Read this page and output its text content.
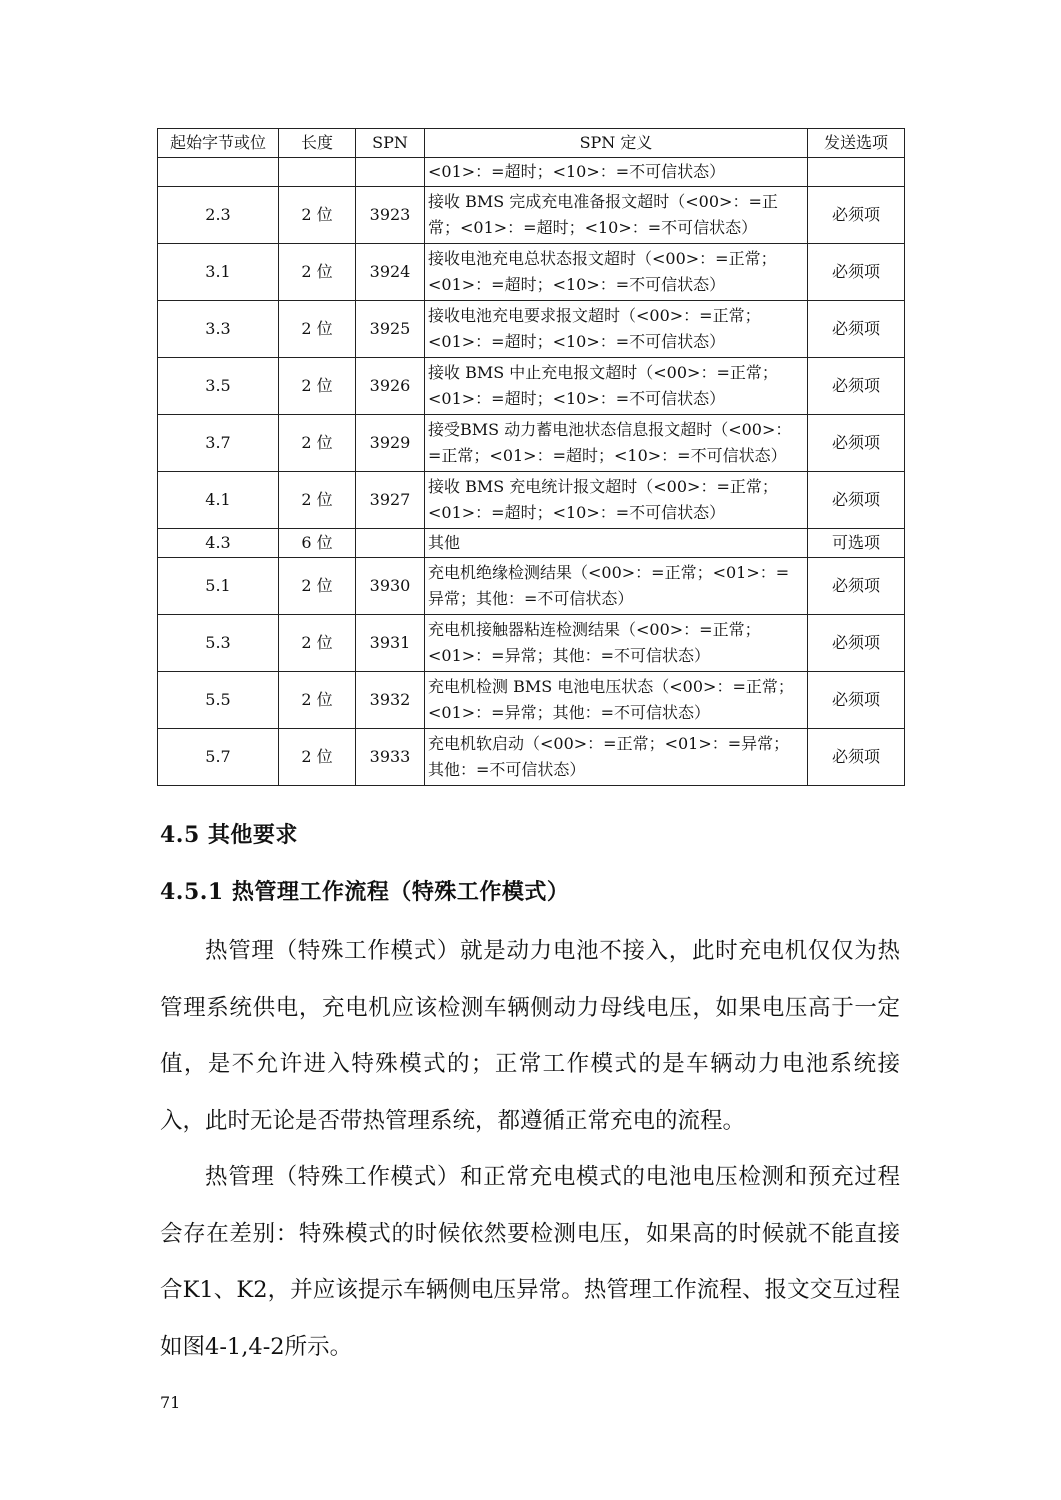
起始字节或位	长度	SPN	SPN 定义	发送选项
			<01>：=超时；<10>：=不可信状态）	
2.3	2 位	3923	接收 BMS 完成充电准备报文超时（<00>：=正常；<01>：=超时；<10>：=不可信状态）	必须项
3.1	2 位	3924	接收电池充电总状态报文超时（<00>：=正常；<01>：=超时；<10>：=不可信状态）	必须项
3.3	2 位	3925	接收电池充电要求报文超时（<00>：=正常；<01>：=超时；<10>：=不可信状态）	必须项
3.5	2 位	3926	接收 BMS 中止充电报文超时（<00>：=正常；<01>：=超时；<10>：=不可信状态）	必须项
3.7	2 位	3929	接受BMS 动力蓄电池状态信息报文超时（<00>：=正常；<01>：=超时；<10>：=不可信状态）	必须项
4.1	2 位	3927	接收 BMS 充电统计报文超时（<00>：=正常；<01>：=超时；<10>：=不可信状态）	必须项
4.3	6 位		其他	可选项
5.1	2 位	3930	充电机绝缘检测结果（<00>：=正常；<01>：=异常；其他：=不可信状态）	必须项
5.3	2 位	3931	充电机接触器粘连检测结果（<00>：=正常；<01>：=异常；其他：=不可信状态）	必须项
5.5	2 位	3932	充电机检测 BMS 电池电压状态（<00>：=正常；<01>：=异常；其他：=不可信状态）	必须项
5.7	2 位	3933	充电机软启动（<00>：=正常；<01>：=异常；其他：=不可信状态）	必须项
4.5 其他要求
4.5.1 热管理工作流程（特殊工作模式）

热管理（特殊工作模式）就是动力电池不接入，此时充电机仅仅为热管理系统供电，充电机应该检测车辆侧动力母线电压，如果电压高于一定值，是不允许进入特殊模式的；正常工作模式的是车辆动力电池系统接入，此时无论是否带热管理系统，都遵循正常充电的流程。

热管理（特殊工作模式）和正常充电模式的电池电压检测和预充过程会存在差别：特殊模式的时候依然要检测电压，如果高的时候就不能直接合K1、K2，并应该提示车辆侧电压异常。热管理工作流程、报文交互过程如图4-1,4-2所示。

71
